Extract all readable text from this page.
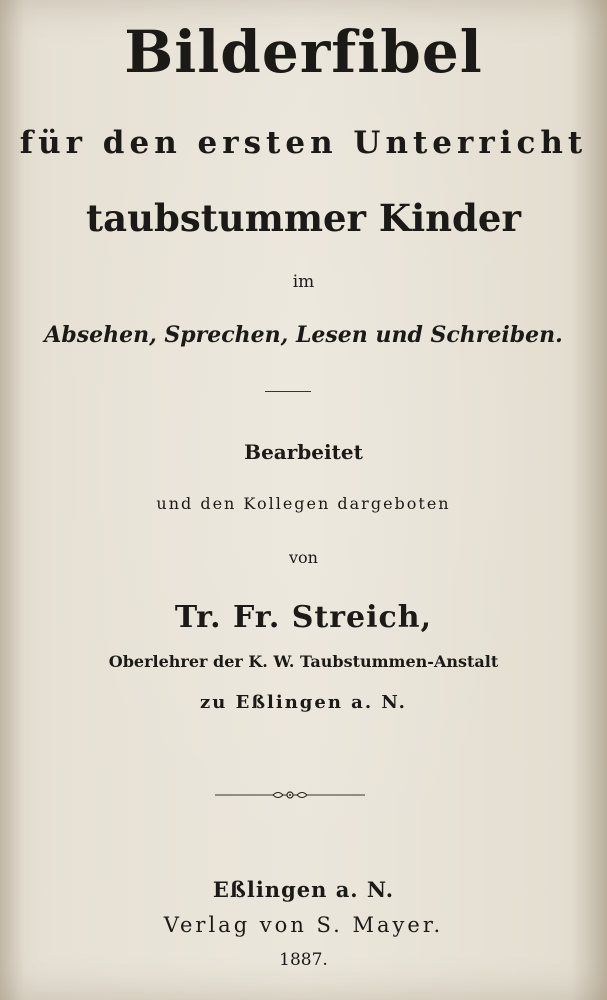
Bilderfibel
für den ersten Unterricht
taubstummer Kinder
im
Absehen, Sprechen, Lesen und Schreiben.
Bearbeitet
und den Kollegen dargeboten
von
Tr. Fr. Streich,
Oberlehrer der K. W. Taubstummen-Anstalt
zu Eßlingen a. N.
Eßlingen a. N.
Verlag von S. Mayer.
1887.
